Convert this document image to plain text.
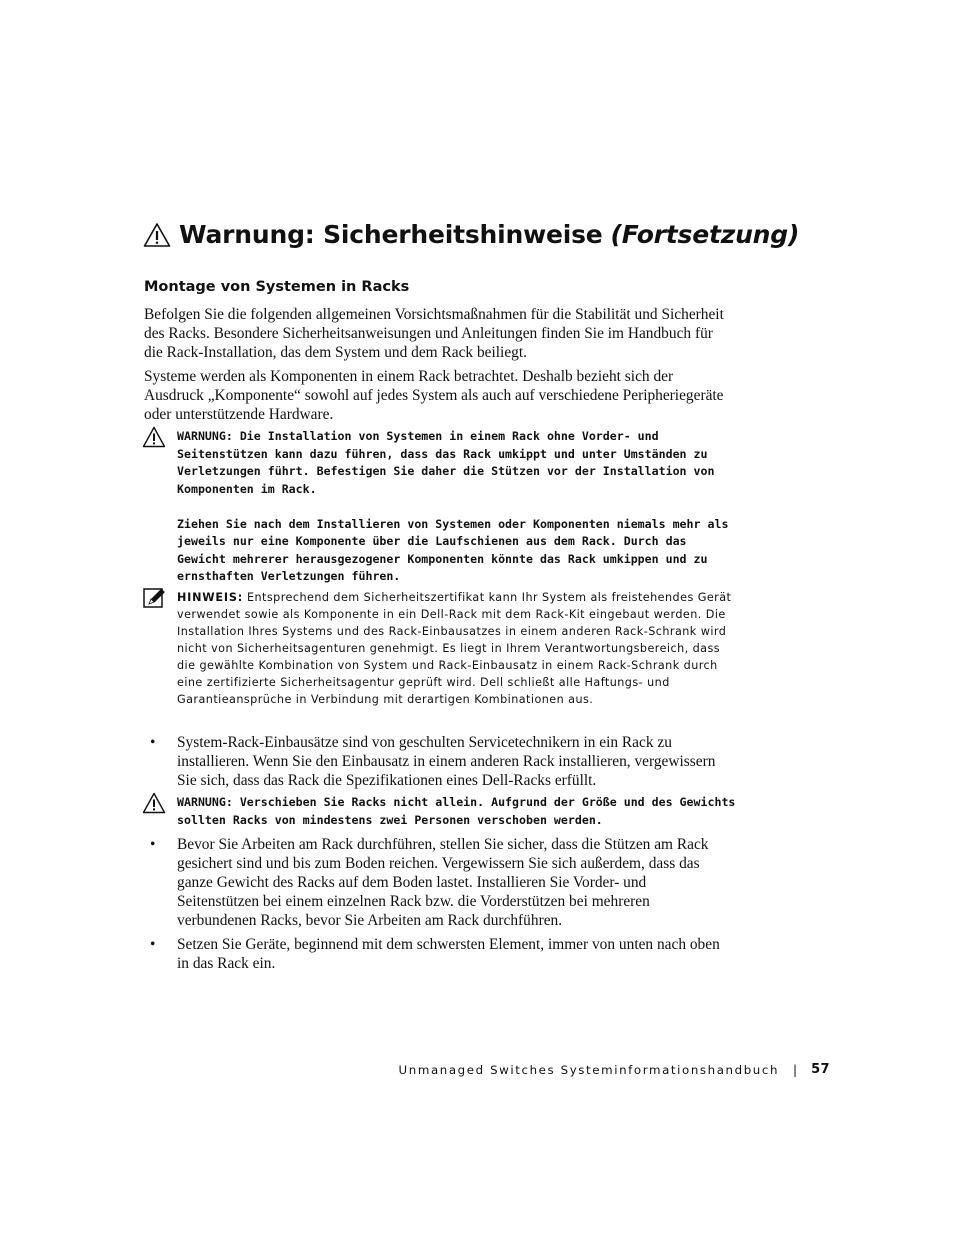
Warnung: Sicherheitshinweise (Fortsetzung)
Montage von Systemen in Racks

Befolgen Sie die folgenden allgemeinen Vorsichtsmaßnahmen für die Stabilität und Sicherheit des Racks. Besondere Sicherheitsanweisungen und Anleitungen finden Sie im Handbuch für die Rack-Installation, das dem System und dem Rack beiliegt.

Systeme werden als Komponenten in einem Rack betrachtet. Deshalb bezieht sich der Ausdruck „Komponente“ sowohl auf jedes System als auch auf verschiedene Peripheriegeräte oder unterstützende Hardware.

WARNUNG: Die Installation von Systemen in einem Rack ohne Vorder- und Seitenstützen kann dazu führen, dass das Rack umkippt und unter Umständen zu Verletzungen führt. Befestigen Sie daher die Stützen vor der Installation von Komponenten im Rack.

Ziehen Sie nach dem Installieren von Systemen oder Komponenten niemals mehr als jeweils nur eine Komponente über die Laufschienen aus dem Rack. Durch das Gewicht mehrerer herausgezogener Komponenten könnte das Rack umkippen und zu ernsthaften Verletzungen führen.

HINWEIS: Entsprechend dem Sicherheitszertifikat kann Ihr System als freistehendes Gerät verwendet sowie als Komponente in ein Dell-Rack mit dem Rack-Kit eingebaut werden. Die Installation Ihres Systems und des Rack-Einbausatzes in einem anderen Rack-Schrank wird nicht von Sicherheitsagenturen genehmigt. Es liegt in Ihrem Verantwortungsbereich, dass die gewählte Kombination von System und Rack-Einbausatz in einem Rack-Schrank durch eine zertifizierte Sicherheitsagentur geprüft wird. Dell schließt alle Haftungs- und Garantieansprüche in Verbindung mit derartigen Kombinationen aus.
• System-Rack-Einbausätze sind von geschulten Servicetechnikern in ein Rack zu installieren. Wenn Sie den Einbausatz in einem anderen Rack installieren, vergewissern Sie sich, dass das Rack die Spezifikationen eines Dell-Racks erfüllt.

WARNUNG: Verschieben Sie Racks nicht allein. Aufgrund der Größe und des Gewichts sollten Racks von mindestens zwei Personen verschoben werden.

• Bevor Sie Arbeiten am Rack durchführen, stellen Sie sicher, dass die Stützen am Rack gesichert sind und bis zum Boden reichen. Vergewissern Sie sich außerdem, dass das ganze Gewicht des Racks auf dem Boden lastet. Installieren Sie Vorder- und Seitenstützen bei einem einzelnen Rack bzw. die Vorderstützen bei mehreren verbundenen Racks, bevor Sie Arbeiten am Rack durchführen.
• Setzen Sie Geräte, beginnend mit dem schwersten Element, immer von unten nach oben in das Rack ein.
Unmanaged Switches Systeminformationshandbuch | 57
